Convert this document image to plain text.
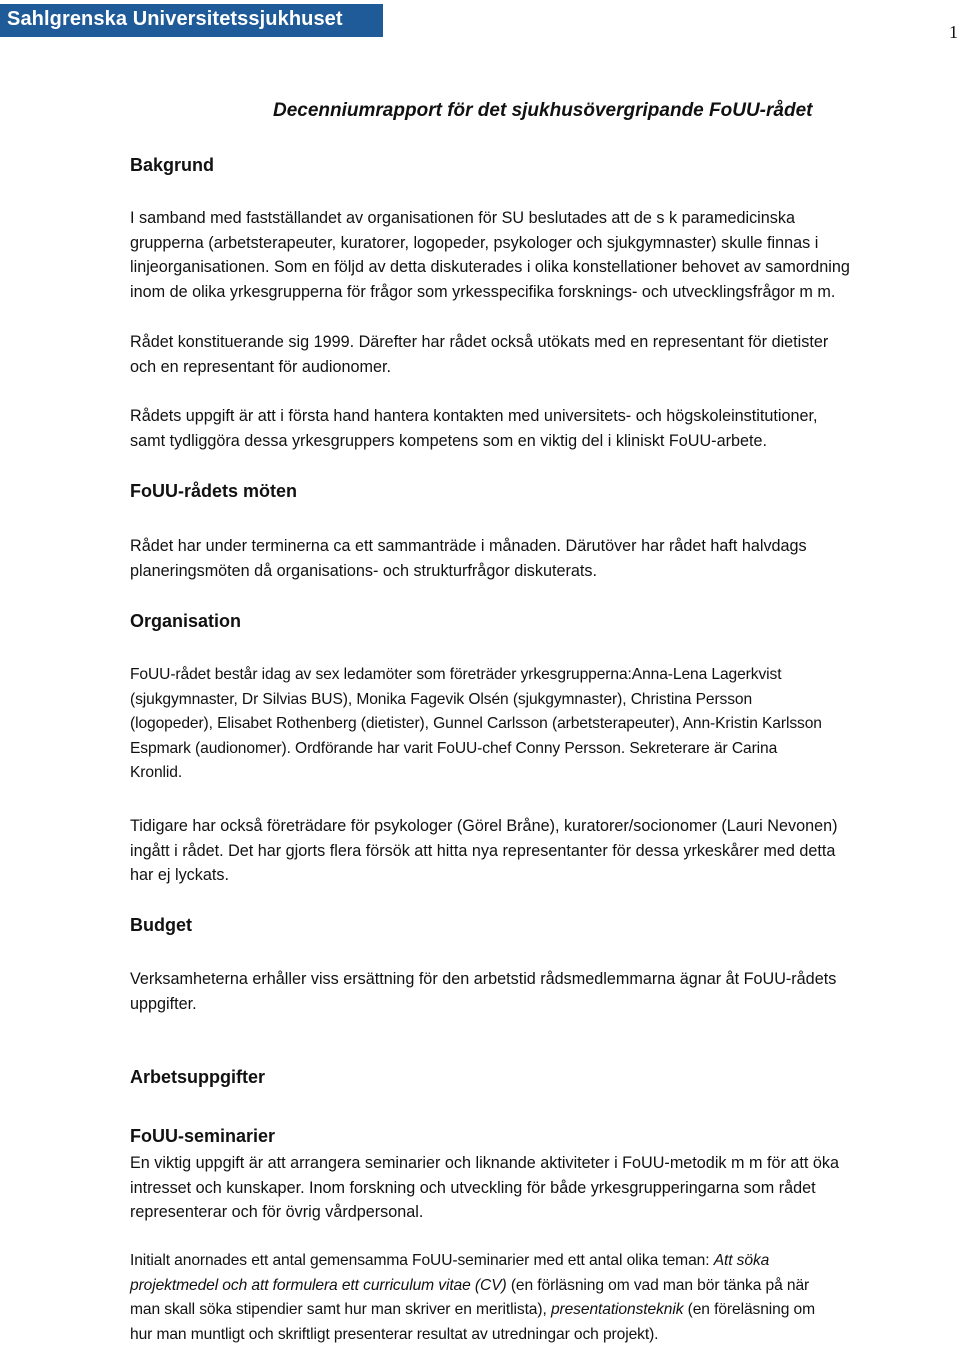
Sahlgrenska Universitetssjukhuset
1
Decenniumrapport för det sjukhusövergripande FoUU-rådet
Bakgrund
I samband med fastställandet av organisationen för SU beslutades att de s k paramedicinska
grupperna (arbetsterapeuter, kuratorer, logopeder, psykologer och sjukgymnaster) skulle finnas i
linjeorganisationen. Som en följd av detta diskuterades i olika konstellationer behovet av samordning
inom de olika yrkesgrupperna för frågor som yrkesspecifika forsknings- och utvecklingsfrågor m m.
Rådet konstituerande sig 1999. Därefter har rådet också utökats med en representant för dietister
och en representant för audionomer.
Rådets uppgift är att i första hand hantera kontakten med universitets- och högskoleinstitutioner,
samt tydliggöra dessa yrkesgruppers kompetens som en viktig del i kliniskt FoUU-arbete.
FoUU-rådets möten
Rådet har under terminerna ca ett sammanträde i månaden. Därutöver har rådet haft halvdags
planeringsmöten då organisations- och strukturfrågor diskuterats.
Organisation
FoUU-rådet består idag av sex ledamöter som företräder yrkesgrupperna:Anna-Lena Lagerkvist
(sjukgymnaster, Dr Silvias BUS), Monika Fagevik Olsén (sjukgymnaster), Christina Persson
(logopeder), Elisabet Rothenberg (dietister), Gunnel Carlsson (arbetsterapeuter), Ann-Kristin Karlsson
Espmark (audionomer). Ordförande har varit FoUU-chef Conny Persson. Sekreterare är Carina
Kronlid.
Tidigare har också företrädare för psykologer (Görel Bråne), kuratorer/socionomer (Lauri Nevonen)
ingått i rådet. Det har gjorts flera försök att hitta nya representanter för dessa yrkeskårer med detta
har ej lyckats.
Budget
Verksamheterna erhåller viss ersättning för den arbetstid rådsmedlemmarna ägnar åt FoUU-rådets
uppgifter.
Arbetsuppgifter
FoUU-seminarier
En viktig uppgift är att arrangera seminarier och liknande aktiviteter i FoUU-metodik m m för att öka
intresset och kunskaper. Inom forskning och utveckling för både yrkesgrupperingarna som rådet
representerar och för övrig vårdpersonal.
Initialt anornades ett antal gemensamma FoUU-seminarier med ett antal olika teman: Att söka
projektmedel och att formulera ett curriculum vitae (CV) (en förläsning om vad man bör tänka på när
man skall söka stipendier samt hur man skriver en meritlista), presentationsteknik (en föreläsning om
hur man muntligt och skriftligt presenterar resultat av utredningar och projekt).
